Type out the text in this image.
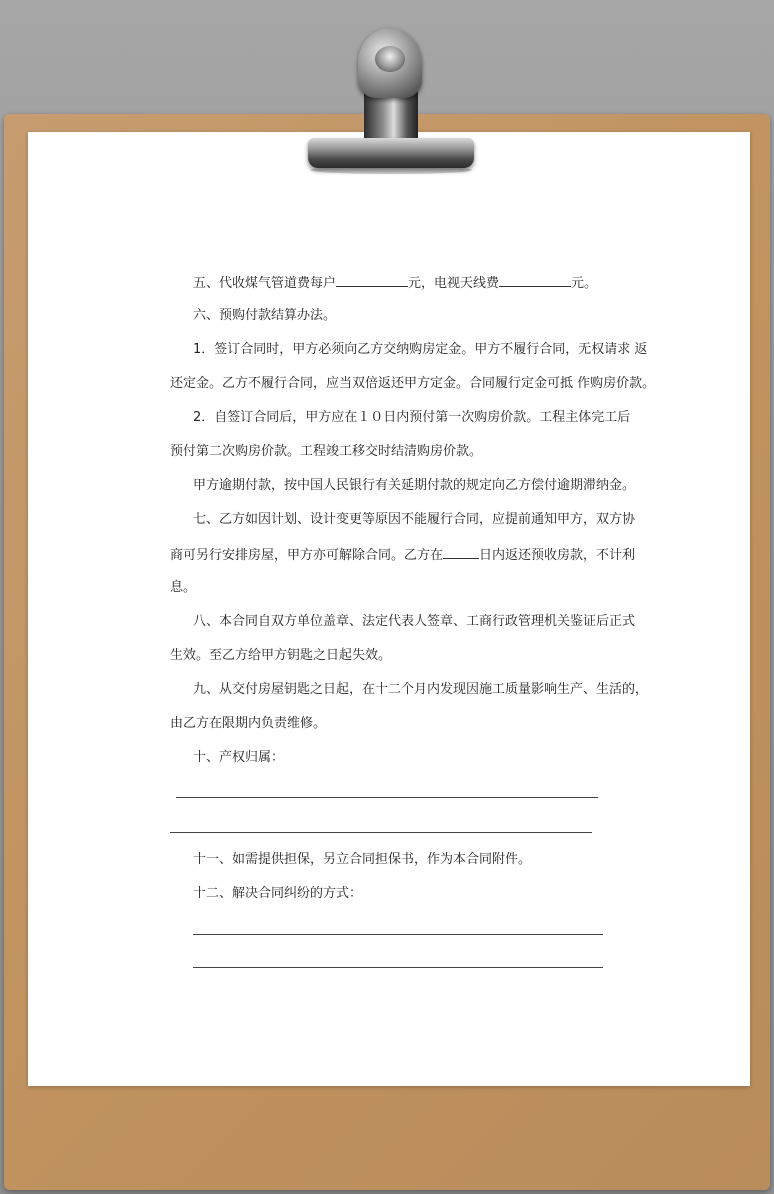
五、代收煤气管道费每户	元，电视天线费	元。
六、预购付款结算办法。
1．签订合同时，甲方必须向乙方交纳购房定金。甲方不履行合同，无权请求 返
还定金。乙方不履行合同，应当双倍返还甲方定金。合同履行定金可抵 作购房价款。
2．自签订合同后，甲方应在１０日内预付第一次购房价款。工程主体完工后
预付第二次购房价款。工程竣工移交时结清购房价款。
甲方逾期付款，按中国人民银行有关延期付款的规定向乙方偿付逾期滞纳金。
七、乙方如因计划、设计变更等原因不能履行合同，应提前通知甲方，双方协
商可另行安排房屋，甲方亦可解除合同。乙方在	日内返还预收房款，不计利
息。
八、本合同自双方单位盖章、法定代表人签章、工商行政管理机关鉴证后正式
生效。至乙方给甲方钥匙之日起失效。
九、从交付房屋钥匙之日起，在十二个月内发现因施工质量影响生产、生活的，
由乙方在限期内负责维修。
十、产权归属：
十一、如需提供担保，另立合同担保书，作为本合同附件。
十二、解决合同纠纷的方式：
